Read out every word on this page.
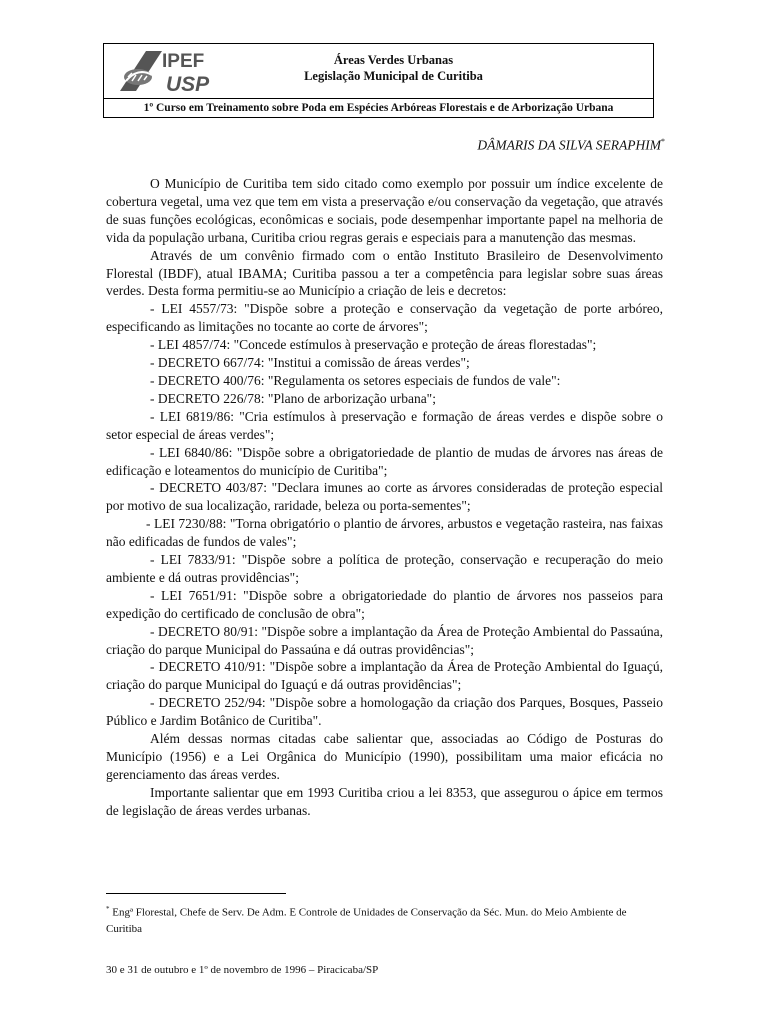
IPEF
USP
Áreas Verdes Urbanas
Legislação Municipal de Curitiba
1º Curso em Treinamento sobre Poda em Espécies Arbóreas Florestais e de Arborização Urbana
DÂMARIS DA SILVA SERAPHIM*

O Município de Curitiba tem sido citado como exemplo por possuir um índice excelente de cobertura vegetal, uma vez que tem em vista a preservação e/ou conservação da vegetação, que através de suas funções ecológicas, econômicas e sociais, pode desempenhar importante papel na melhoria de vida da população urbana, Curitiba criou regras gerais e especiais para a manutenção das mesmas.

Através de um convênio firmado com o então Instituto Brasileiro de Desenvolvimento Florestal (IBDF), atual IBAMA; Curitiba passou a ter a competência para legislar sobre suas áreas verdes. Desta forma permitiu-se ao Município a criação de leis e decretos:

- LEI 4557/73: "Dispõe sobre a proteção e conservação da vegetação de porte arbóreo, especificando as limitações no tocante ao corte de árvores";

- LEI 4857/74: "Concede estímulos à preservação e proteção de áreas florestadas";

- DECRETO 667/74: "Institui a comissão de áreas verdes";

- DECRETO 400/76: "Regulamenta os setores especiais de fundos de vale":

- DECRETO 226/78: "Plano de arborização urbana";

- LEI 6819/86: "Cria estímulos à preservação e formação de áreas verdes e dispõe sobre o setor especial de áreas verdes";

- LEI 6840/86: "Dispõe sobre a obrigatoriedade de plantio de mudas de árvores nas áreas de edificação e loteamentos do município de Curitiba";

- DECRETO 403/87: "Declara imunes ao corte as árvores consideradas de proteção especial por motivo de sua localização, raridade, beleza ou porta-sementes";

- LEI 7230/88: "Torna obrigatório o plantio de árvores, arbustos e vegetação rasteira, nas faixas não edificadas de fundos de vales";

- LEI 7833/91: "Dispõe sobre a política de proteção, conservação e recuperação do meio ambiente e dá outras providências";

- LEI 7651/91: "Dispõe sobre a obrigatoriedade do plantio de árvores nos passeios para expedição do certificado de conclusão de obra";

- DECRETO 80/91: "Dispõe sobre a implantação da Área de Proteção Ambiental do Passaúna, criação do parque Municipal do Passaúna e dá outras providências";

- DECRETO 410/91: "Dispõe sobre a implantação da Área de Proteção Ambiental do Iguaçú, criação do parque Municipal do Iguaçú e dá outras providências";

- DECRETO 252/94: "Dispõe sobre a homologação da criação dos Parques, Bosques, Passeio Público e Jardim Botânico de Curitiba".

Além dessas normas citadas cabe salientar que, associadas ao Código de Posturas do Município (1956) e a Lei Orgânica do Município (1990), possibilitam uma maior eficácia no gerenciamento das áreas verdes.

Importante salientar que em 1993 Curitiba criou a lei 8353, que assegurou o ápice em termos de legislação de áreas verdes urbanas.

* Engª Florestal, Chefe de Serv. De Adm. E Controle de Unidades de Conservação da Séc. Mun. do Meio Ambiente de Curitiba
30 e 31 de outubro e 1º de novembro de 1996 – Piracicaba/SP
